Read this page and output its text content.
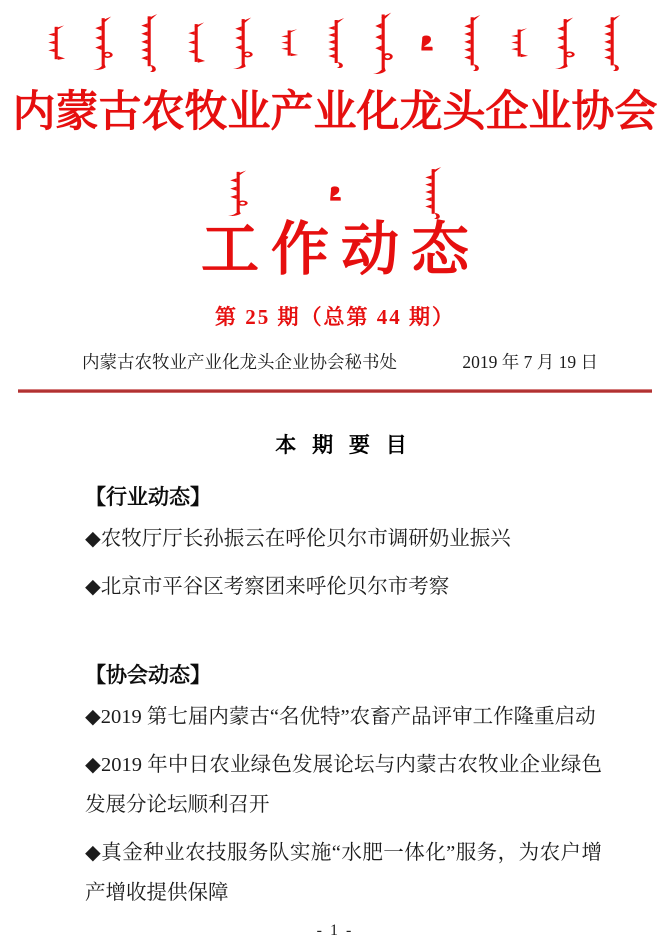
内蒙古农牧业产业化龙头企业协会
工作动态
第 25 期（总第 44 期）
内蒙古农牧业产业化龙头企业协会秘书处	2019 年 7 月 19 日
本 期 要 目
【行业动态】

◆农牧厅厅长孙振云在呼伦贝尔市调研奶业振兴

◆北京市平谷区考察团来呼伦贝尔市考察

【协会动态】

◆2019 第七届内蒙古“名优特”农畜产品评审工作隆重启动

◆2019 年中日农业绿色发展论坛与内蒙古农牧业企业绿色发展分论坛顺利召开

◆真金种业农技服务队实施“水肥一体化”服务，为农户增产增收提供保障

- 1 -
